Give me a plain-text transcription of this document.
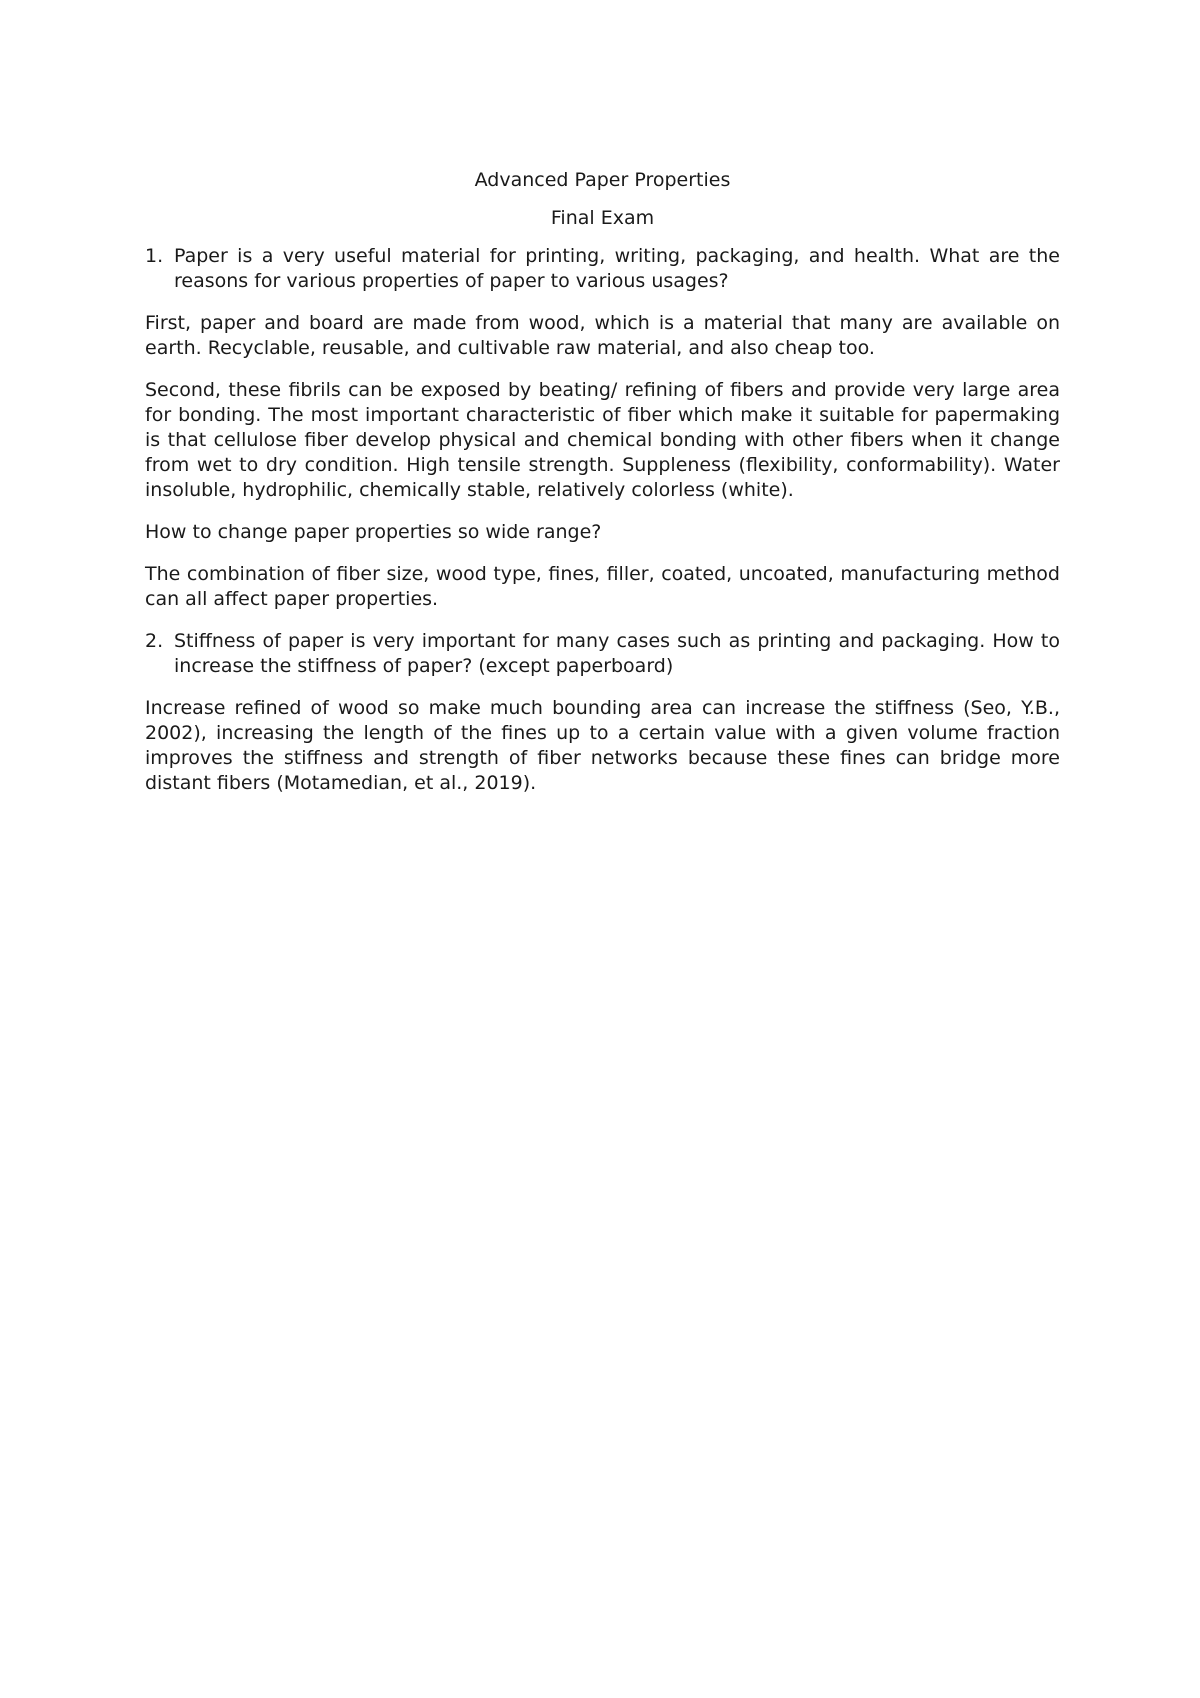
Advanced Paper Properties

Final Exam

1. Paper is a very useful material for printing, writing, packaging, and health. What are the reasons for various properties of paper to various usages?

First, paper and board are made from wood, which is a material that many are available on earth. Recyclable, reusable, and cultivable raw material, and also cheap too.

Second, these fibrils can be exposed by beating/ refining of fibers and provide very large area for bonding. The most important characteristic of fiber which make it suitable for papermaking is that cellulose fiber develop physical and chemical bonding with other fibers when it change from wet to dry condition. High tensile strength. Suppleness (flexibility, conformability). Water insoluble, hydrophilic, chemically stable, relatively colorless (white).

How to change paper properties so wide range?

The combination of fiber size, wood type, fines, filler, coated, uncoated, manufacturing method can all affect paper properties.

2. Stiffness of paper is very important for many cases such as printing and packaging. How to increase the stiffness of paper? (except paperboard)

Increase refined of wood so make much bounding area can increase the stiffness (Seo, Y.B., 2002), increasing the length of the fines up to a certain value with a given volume fraction improves the stiffness and strength of fiber networks because these fines can bridge more distant fibers (Motamedian, et al., 2019).
